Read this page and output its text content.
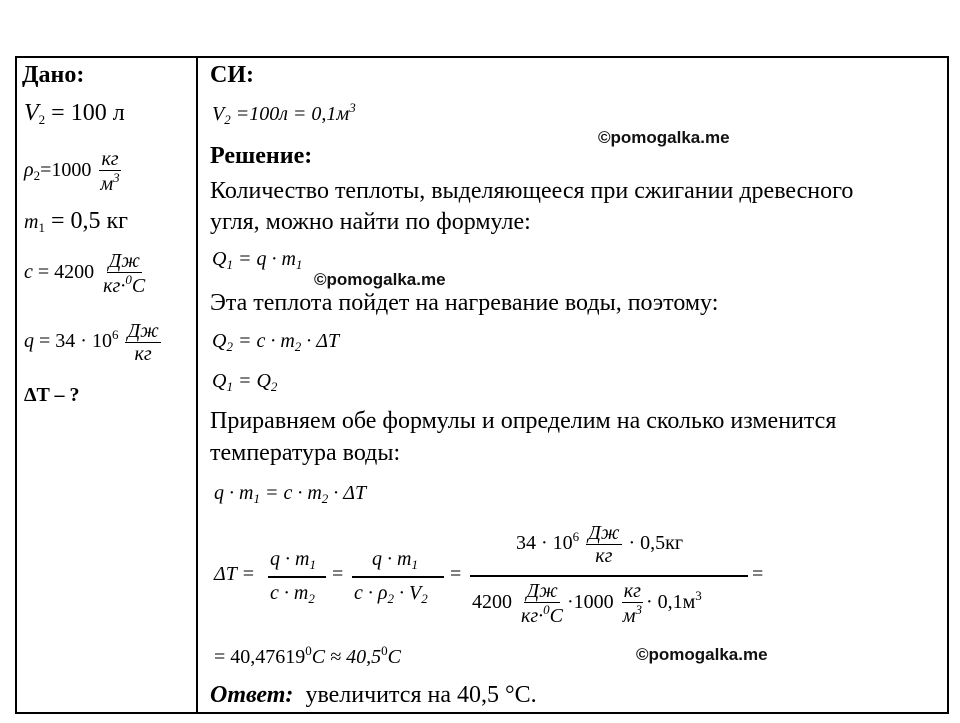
Дано:
$V_2 = 100$ л
$\rho_2=1000 \frac{кг}{м^3}$
$m_1 = 0,5$ кг
$c = 4200 \frac{Дж}{кг\cdot^0C}$
$q = 34 \cdot 10^6 \frac{Дж}{кг}$
ΔT – ?
СИ:
$V_2 =100л = 0,1м^3$
©pomogalka.me
Решение:
Количество теплоты, выделяющееся при сжигании древесного
угля, можно найти по формуле:
$Q_1 = q \cdot m_1$
©pomogalka.me
Эта теплота пойдет на нагревание воды, поэтому:
$Q_2 = c \cdot m_2 \cdot \Delta T$
$Q_1 = Q_2$
Приравняем обе формулы и определим на сколько изменится
температура воды:
$q \cdot m_1 = c \cdot m_2 \cdot \Delta T$
ΔT =
$q \cdot m_1$
$c \cdot m_2$
=
$q \cdot m_1$
$c \cdot \rho_2 \cdot V_2$
=
$34 \cdot 10^6 \frac{Дж}{кг} \cdot 0,5кг$
$4200 \frac{Дж}{кг\cdot^0C} \cdot 1000 \frac{кг}{м^3} \cdot 0,1м^3$
=
= $40,47619^0C \approx 40,5^0C$	©pomogalka.me
Ответ: увеличится на 40,5 °С.
